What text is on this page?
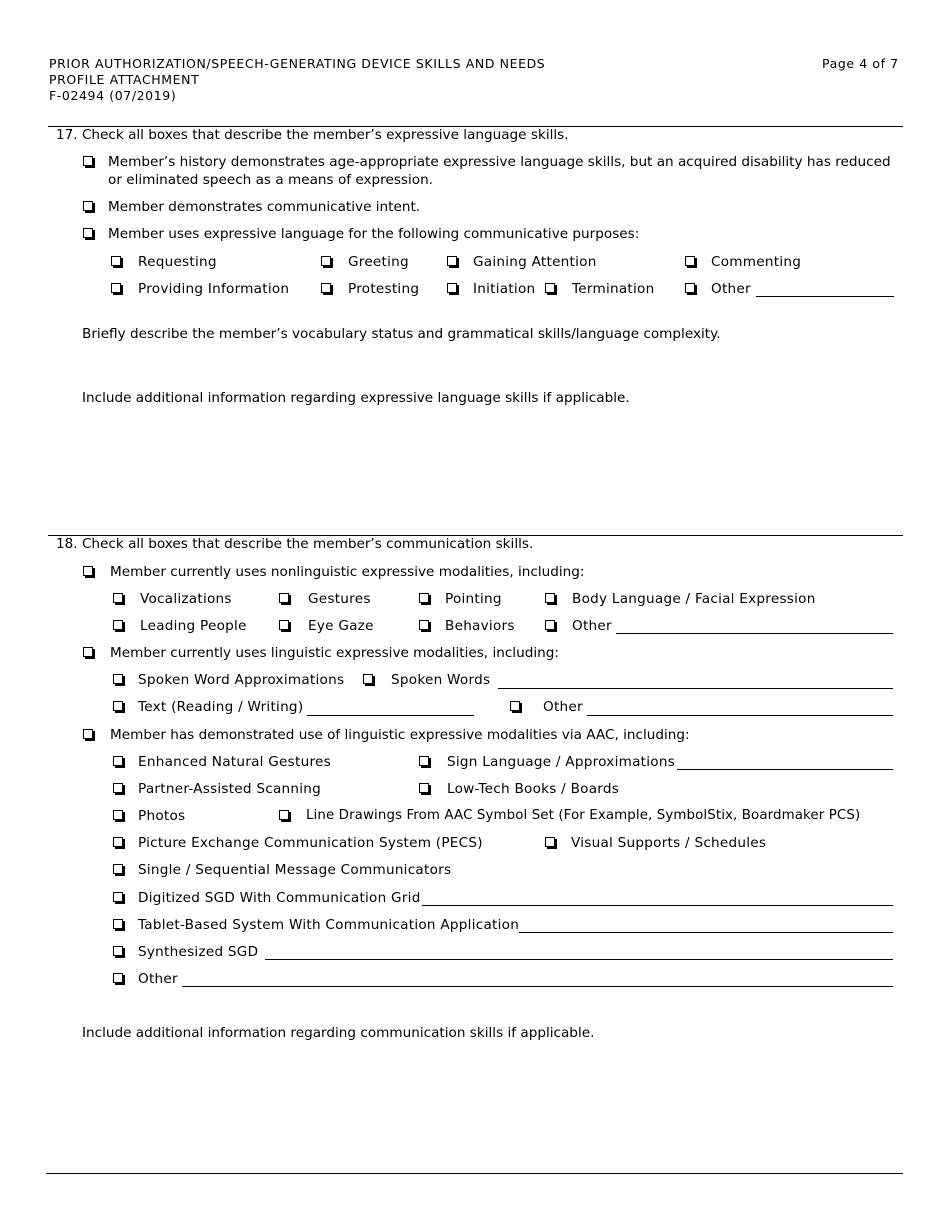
PRIOR AUTHORIZATION/SPEECH-GENERATING DEVICE SKILLS AND NEEDS
PROFILE ATTACHMENT
F-02494 (07/2019)
Page 4 of 7
17. Check all boxes that describe the member’s expressive language skills.
Member’s history demonstrates age-appropriate expressive language skills, but an acquired disability has reduced
or eliminated speech as a means of expression.
Member demonstrates communicative intent.
Member uses expressive language for the following communicative purposes:
Requesting	Greeting	Gaining Attention	Commenting
Providing Information	Protesting	Initiation	Termination	Other
Briefly describe the member’s vocabulary status and grammatical skills/language complexity.
Include additional information regarding expressive language skills if applicable.
18. Check all boxes that describe the member’s communication skills.
Member currently uses nonlinguistic expressive modalities, including:
Vocalizations	Gestures	Pointing	Body Language / Facial Expression
Leading People	Eye Gaze	Behaviors	Other
Member currently uses linguistic expressive modalities, including:
Spoken Word Approximations	Spoken Words
Text (Reading / Writing)	Other
Member has demonstrated use of linguistic expressive modalities via AAC, including:
Enhanced Natural Gestures	Sign Language / Approximations
Partner-Assisted Scanning	Low-Tech Books / Boards
Photos	Line Drawings From AAC Symbol Set (For Example, SymbolStix, Boardmaker PCS)
Picture Exchange Communication System (PECS)	Visual Supports / Schedules
Single / Sequential Message Communicators
Digitized SGD With Communication Grid
Tablet-Based System With Communication Application
Synthesized SGD
Other
Include additional information regarding communication skills if applicable.
